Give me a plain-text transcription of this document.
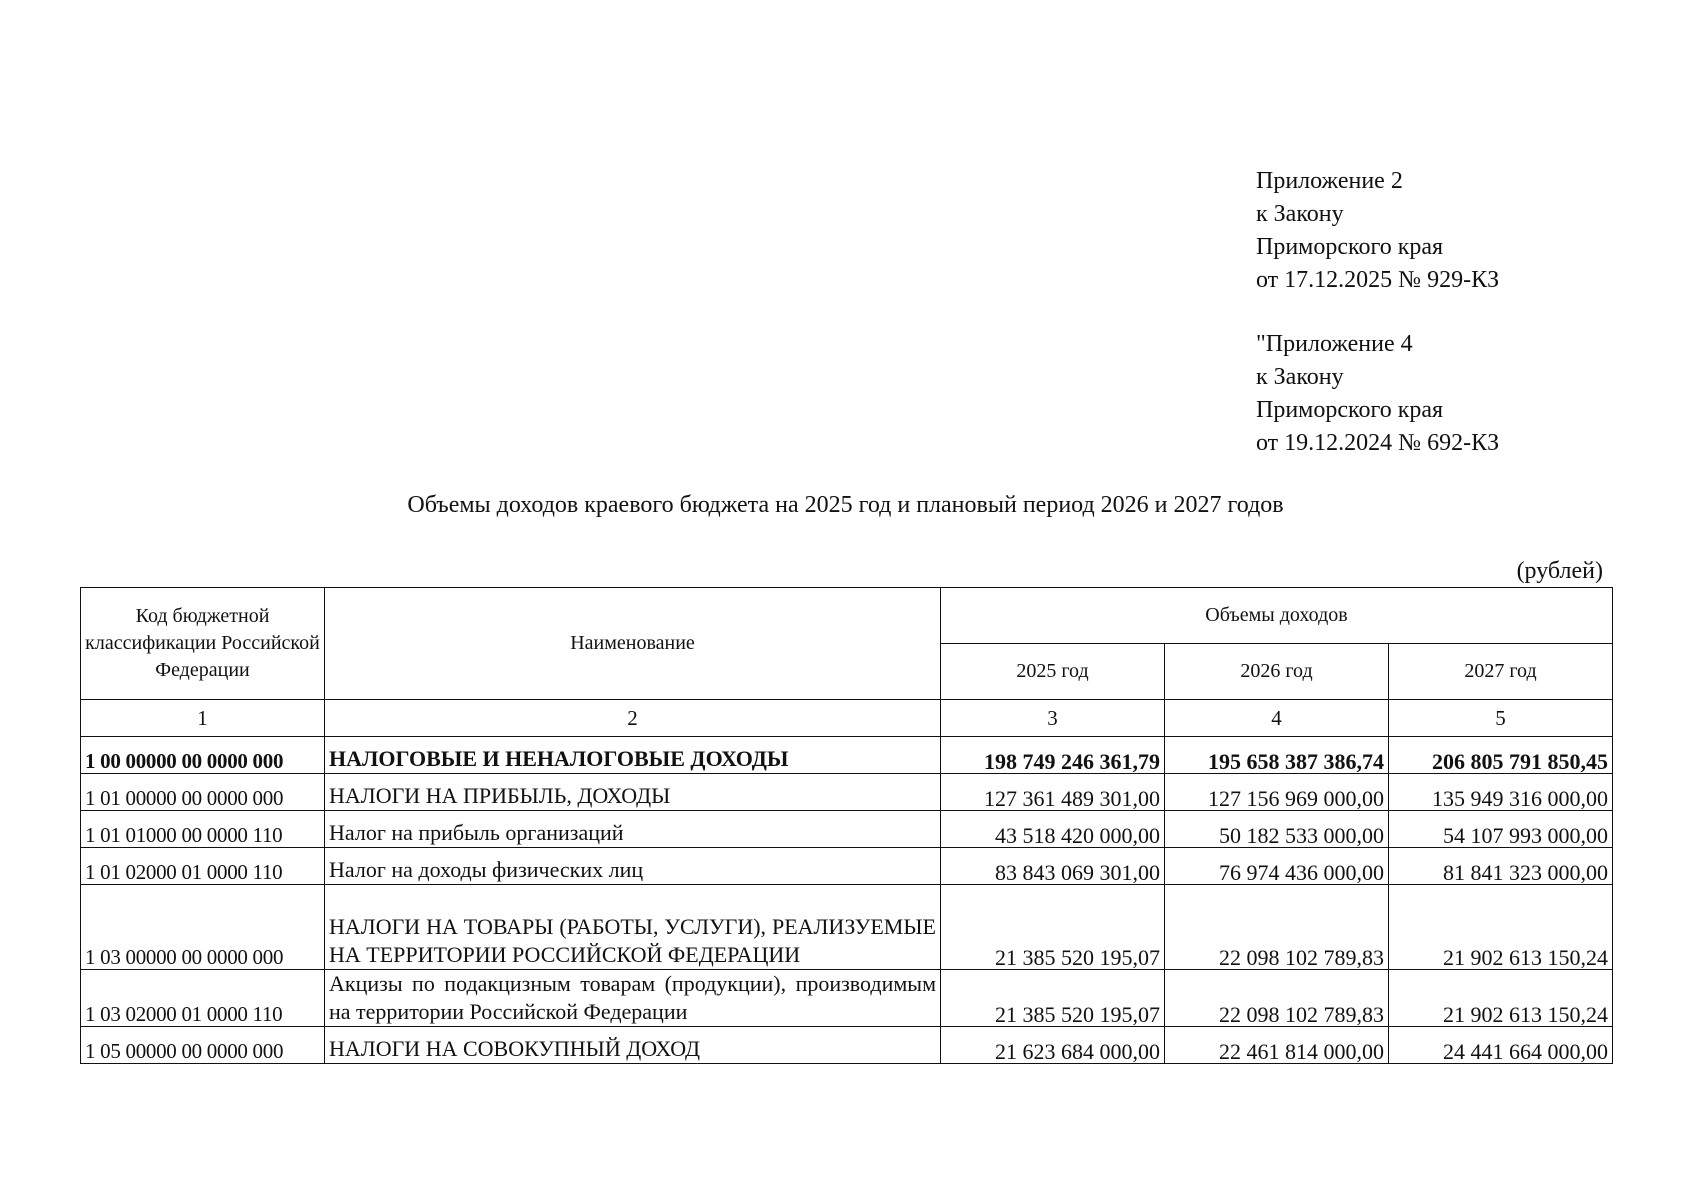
Приложение 2
к Закону
Приморского края
от 17.12.2025 № 929-КЗ
"Приложение 4
к Закону
Приморского края
от 19.12.2024 № 692-КЗ
Объемы доходов краевого бюджета на 2025 год и плановый период 2026 и 2027 годов
(рублей)
Код бюджетной классификации Российской Федерации	Наименование	Объемы доходов		
		2025 год	2026 год	2027 год
1	2	3	4	5
1 00 00000 00 0000 000	НАЛОГОВЫЕ И НЕНАЛОГОВЫЕ ДОХОДЫ	198 749 246 361,79	195 658 387 386,74	206 805 791 850,45
1 01 00000 00 0000 000	НАЛОГИ НА ПРИБЫЛЬ, ДОХОДЫ	127 361 489 301,00	127 156 969 000,00	135 949 316 000,00
1 01 01000 00 0000 110	Налог на прибыль организаций	43 518 420 000,00	50 182 533 000,00	54 107 993 000,00
1 01 02000 01 0000 110	Налог на доходы физических лиц	83 843 069 301,00	76 974 436 000,00	81 841 323 000,00
1 03 00000 00 0000 000	НАЛОГИ НА ТОВАРЫ (РАБОТЫ, УСЛУГИ), РЕАЛИЗУЕМЫЕ НА ТЕРРИТОРИИ РОССИЙСКОЙ ФЕДЕРАЦИИ	21 385 520 195,07	22 098 102 789,83	21 902 613 150,24
1 03 02000 01 0000 110	Акцизы по подакцизным товарам (продукции), производимым на территории Российской Федерации	21 385 520 195,07	22 098 102 789,83	21 902 613 150,24
1 05 00000 00 0000 000	НАЛОГИ НА СОВОКУПНЫЙ ДОХОД	21 623 684 000,00	22 461 814 000,00	24 441 664 000,00
